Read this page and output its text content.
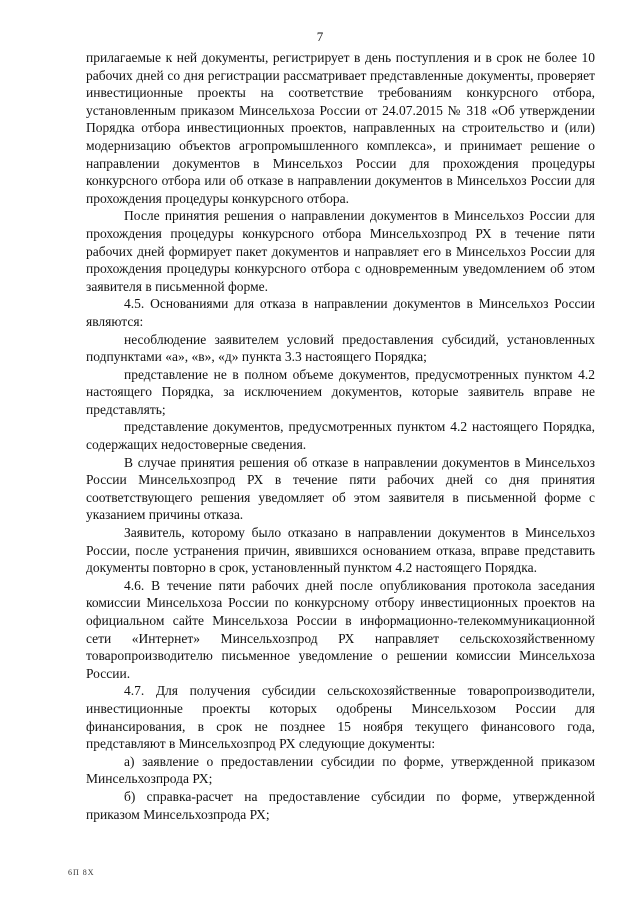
7

прилагаемые к ней документы, регистрирует в день поступления и в срок не более 10 рабочих дней со дня регистрации рассматривает представленные документы, проверяет инвестиционные проекты на соответствие требованиям конкурсного отбора, установленным приказом Минсельхоза России от 24.07.2015 № 318 «Об утверждении Порядка отбора инвестиционных проектов, направленных на строительство и (или) модернизацию объектов агропромышленного комплекса», и принимает решение о направлении документов в Минсельхоз России для прохождения процедуры конкурсного отбора или об отказе в направлении документов в Минсельхоз России для прохождения процедуры конкурсного отбора.

После принятия решения о направлении документов в Минсельхоз России для прохождения процедуры конкурсного отбора Минсельхозпрод РХ в течение пяти рабочих дней формирует пакет документов и направляет его в Минсельхоз России для прохождения процедуры конкурсного отбора с одновременным уведомлением об этом заявителя в письменной форме.

4.5. Основаниями для отказа в направлении документов в Минсельхоз России являются:

несоблюдение заявителем условий предоставления субсидий, установленных подпунктами «а», «в», «д» пункта 3.3 настоящего Порядка;

представление не в полном объеме документов, предусмотренных пунктом 4.2 настоящего Порядка, за исключением документов, которые заявитель вправе не представлять;

представление документов, предусмотренных пунктом 4.2 настоящего Порядка, содержащих недостоверные сведения.

В случае принятия решения об отказе в направлении документов в Минсельхоз России Минсельхозпрод РХ в течение пяти рабочих дней со дня принятия соответствующего решения уведомляет об этом заявителя в письменной форме с указанием причины отказа.

Заявитель, которому было отказано в направлении документов в Минсельхоз России, после устранения причин, явившихся основанием отказа, вправе представить документы повторно в срок, установленный пунктом 4.2 настоящего Порядка.

4.6. В течение пяти рабочих дней после опубликования протокола заседания комиссии Минсельхоза России по конкурсному отбору инвестиционных проектов на официальном сайте Минсельхоза России в информационно-телекоммуникационной сети «Интернет» Минсельхозпрод РХ направляет сельскохозяйственному товаропроизводителю письменное уведомление о решении комиссии Минсельхоза России.

4.7. Для получения субсидии сельскохозяйственные товаропроизводители, инвестиционные проекты которых одобрены Минсельхозом России для финансирования, в срок не позднее 15 ноября текущего финансового года, представляют в Минсельхозпрод РХ следующие документы:

а) заявление о предоставлении субсидии по форме, утвержденной приказом Минсельхозпрода РХ;

б) справка-расчет на предоставление субсидии по форме, утвержденной приказом Минсельхозпрода РХ;

6П 8Х
